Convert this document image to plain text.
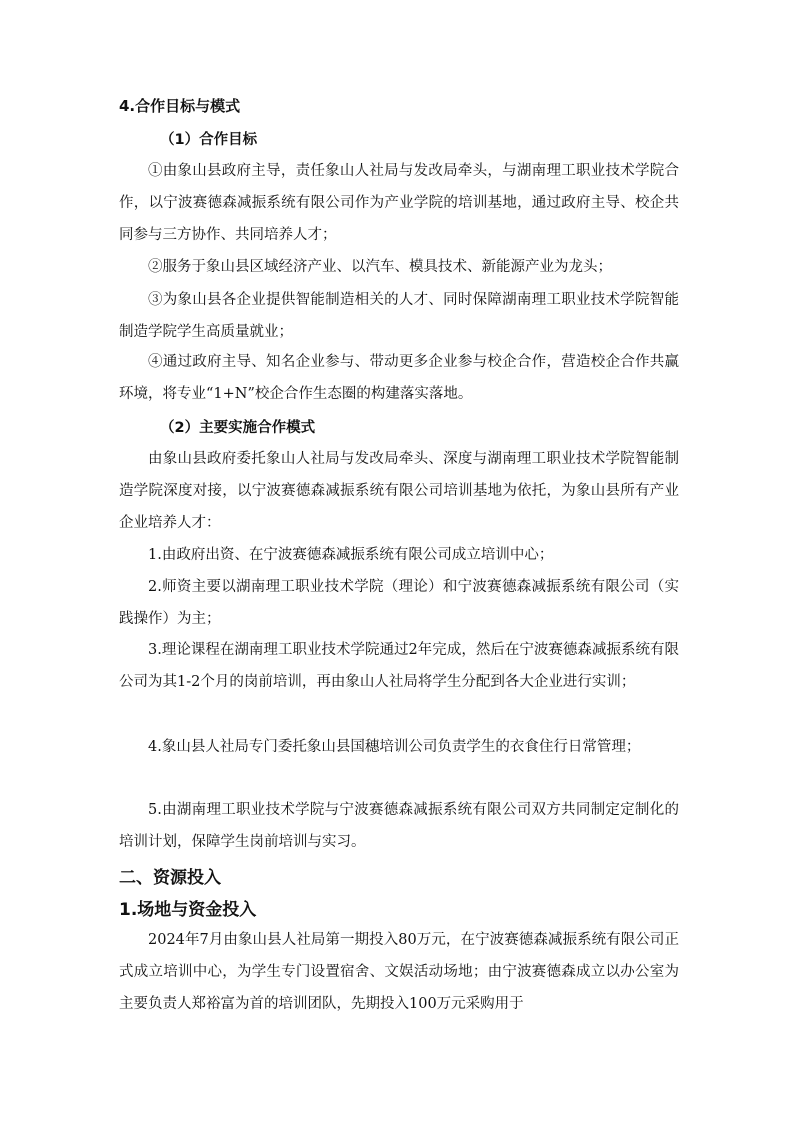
4.合作目标与模式
（1）合作目标

①由象山县政府主导，责任象山人社局与发改局牵头，与湖南理工职业技术学院合作，以宁波赛德森减振系统有限公司作为产业学院的培训基地，通过政府主导、校企共同参与三方协作、共同培养人才；

②服务于象山县区域经济产业、以汽车、模具技术、新能源产业为龙头；

③为象山县各企业提供智能制造相关的人才、同时保障湖南理工职业技术学院智能制造学院学生高质量就业；

④通过政府主导、知名企业参与、带动更多企业参与校企合作，营造校企合作共赢环境，将专业“1+N”校企合作生态圈的构建落实落地。

（2）主要实施合作模式

由象山县政府委托象山人社局与发改局牵头、深度与湖南理工职业技术学院智能制造学院深度对接，以宁波赛德森减振系统有限公司培训基地为依托，为象山县所有产业企业培养人才：

1.由政府出资、在宁波赛德森减振系统有限公司成立培训中心；

2.师资主要以湖南理工职业技术学院（理论）和宁波赛德森减振系统有限公司（实践操作）为主；

3.理论课程在湖南理工职业技术学院通过2年完成，然后在宁波赛德森减振系统有限公司为其1-2个月的岗前培训，再由象山人社局将学生分配到各大企业进行实训；

4.象山县人社局专门委托象山县国穗培训公司负责学生的衣食住行日常管理；

5.由湖南理工职业技术学院与宁波赛德森减振系统有限公司双方共同制定定制化的培训计划，保障学生岗前培训与实习。

二、资源投入
1.场地与资金投入

2024年7月由象山县人社局第一期投入80万元，在宁波赛德森减振系统有限公司正式成立培训中心，为学生专门设置宿舍、文娱活动场地；由宁波赛德森成立以办公室为主要负责人郑裕富为首的培训团队，先期投入100万元采购用于
